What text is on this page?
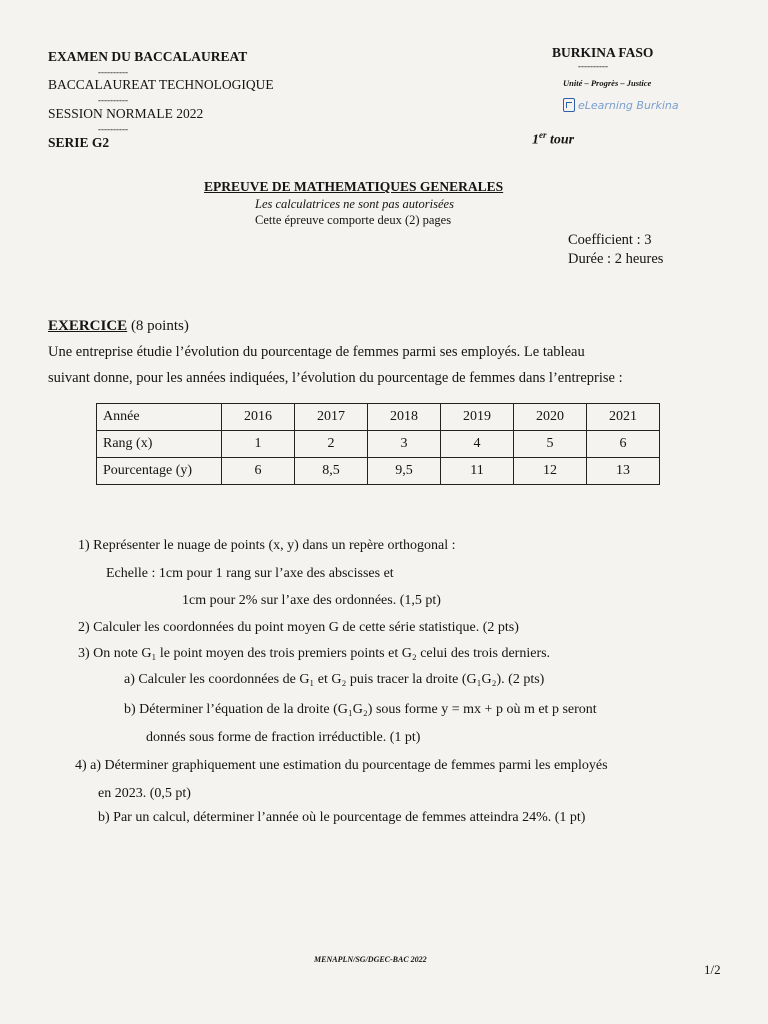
EXAMEN DU BACCALAUREAT
----------
BACCALAUREAT TECHNOLOGIQUE
----------
SESSION NORMALE 2022
----------
SERIE G2
BURKINA FASO
----------
Unité – Progrès – Justice
eLearning Burkina
1er tour
EPREUVE DE MATHEMATIQUES GENERALES
Les calculatrices ne sont pas autorisées
Cette épreuve comporte deux (2) pages
Coefficient : 3
Durée : 2 heures
EXERCICE (8 points)
Une entreprise étudie l’évolution du pourcentage de femmes parmi ses employés. Le tableau
suivant donne, pour les années indiquées, l’évolution du pourcentage de femmes dans l’entreprise :
Année	2016	2017	2018	2019	2020	2021
Rang (x)	1	2	3	4	5	6
Pourcentage (y)	6	8,5	9,5	11	12	13
1) Représenter le nuage de points (x, y) dans un repère orthogonal :
Echelle : 1cm pour 1 rang sur l’axe des abscisses et
1cm pour 2% sur l’axe des ordonnées. (1,5 pt)
2) Calculer les coordonnées du point moyen G de cette série statistique. (2 pts)
3) On note G₁ le point moyen des trois premiers points et G₂ celui des trois derniers.
a) Calculer les coordonnées de G₁ et G₂ puis tracer la droite (G₁G₂). (2 pts)
b) Déterminer l’équation de la droite (G₁G₂) sous forme y = mx + p où m et p seront
donnés sous forme de fraction irréductible. (1 pt)
4) a) Déterminer graphiquement une estimation du pourcentage de femmes parmi les employés
en 2023. (0,5 pt)
b) Par un calcul, déterminer l’année où le pourcentage de femmes atteindra 24%. (1 pt)
MENAPLN/SG/DGEC-BAC 2022
1/2
